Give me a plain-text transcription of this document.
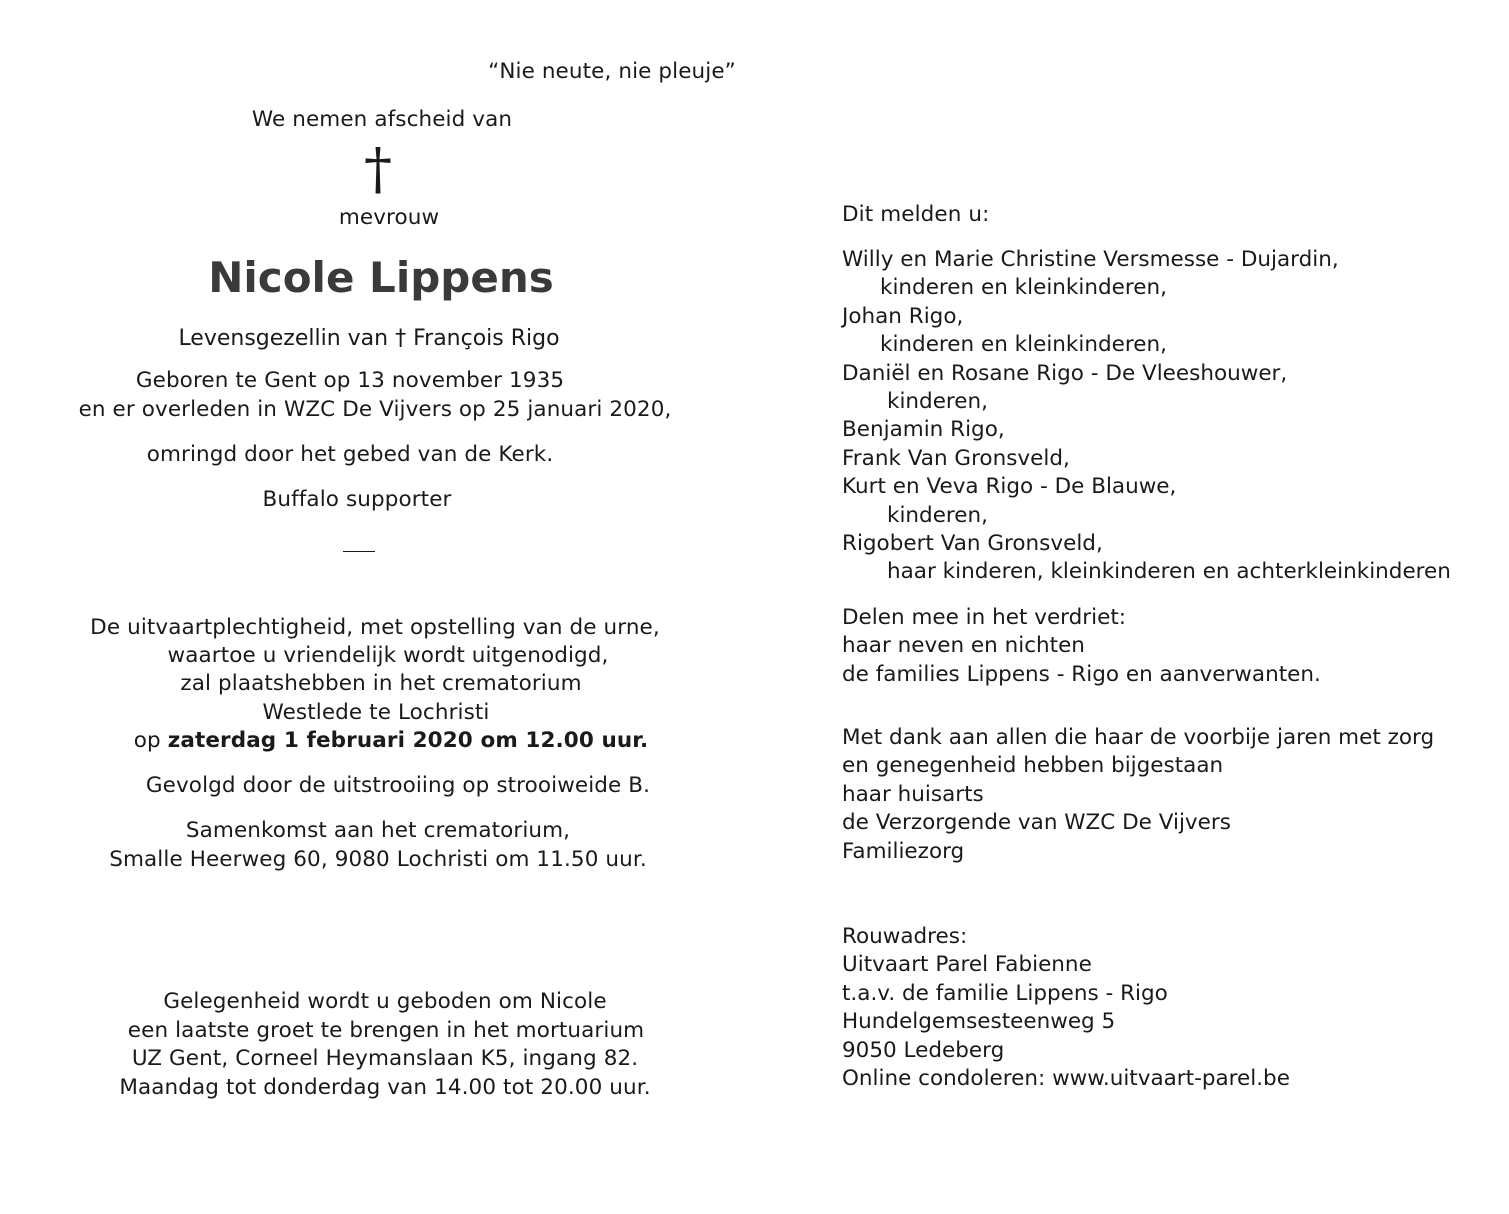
“Nie neute, nie pleuje”
We nemen afscheid van
†
mevrouw
Nicole Lippens
Levensgezellin van † François Rigo
Geboren te Gent op 13 november 1935
en er overleden in WZC De Vijvers op 25 januari 2020,
omringd door het gebed van de Kerk.
Buffalo supporter
De uitvaartplechtigheid, met opstelling van de urne,
waartoe u vriendelijk wordt uitgenodigd,
zal plaatshebben in het crematorium
Westlede te Lochristi
op zaterdag 1 februari 2020 om 12.00 uur.
Gevolgd door de uitstrooiing op strooiweide B.
Samenkomst aan het crematorium,
Smalle Heerweg 60, 9080 Lochristi om 11.50 uur.
Gelegenheid wordt u geboden om Nicole
een laatste groet te brengen in het mortuarium
UZ Gent, Corneel Heymanslaan K5, ingang 82.
Maandag tot donderdag van 14.00 tot 20.00 uur.
Dit melden u:
Willy en Marie Christine Versmesse - Dujardin,
kinderen en kleinkinderen,
Johan Rigo,
kinderen en kleinkinderen,
Daniël en Rosane Rigo - De Vleeshouwer,
kinderen,
Benjamin Rigo,
Frank Van Gronsveld,
Kurt en Veva Rigo - De Blauwe,
kinderen,
Rigobert Van Gronsveld,
haar kinderen, kleinkinderen en achterkleinkinderen
Delen mee in het verdriet:
haar neven en nichten
de families Lippens - Rigo en aanverwanten.
Met dank aan allen die haar de voorbije jaren met zorg
en genegenheid hebben bijgestaan
haar huisarts
de Verzorgende van WZC De Vijvers
Familiezorg
Rouwadres:
Uitvaart Parel Fabienne
t.a.v. de familie Lippens - Rigo
Hundelgemsesteenweg 5
9050 Ledeberg
Online condoleren: www.uitvaart-parel.be
